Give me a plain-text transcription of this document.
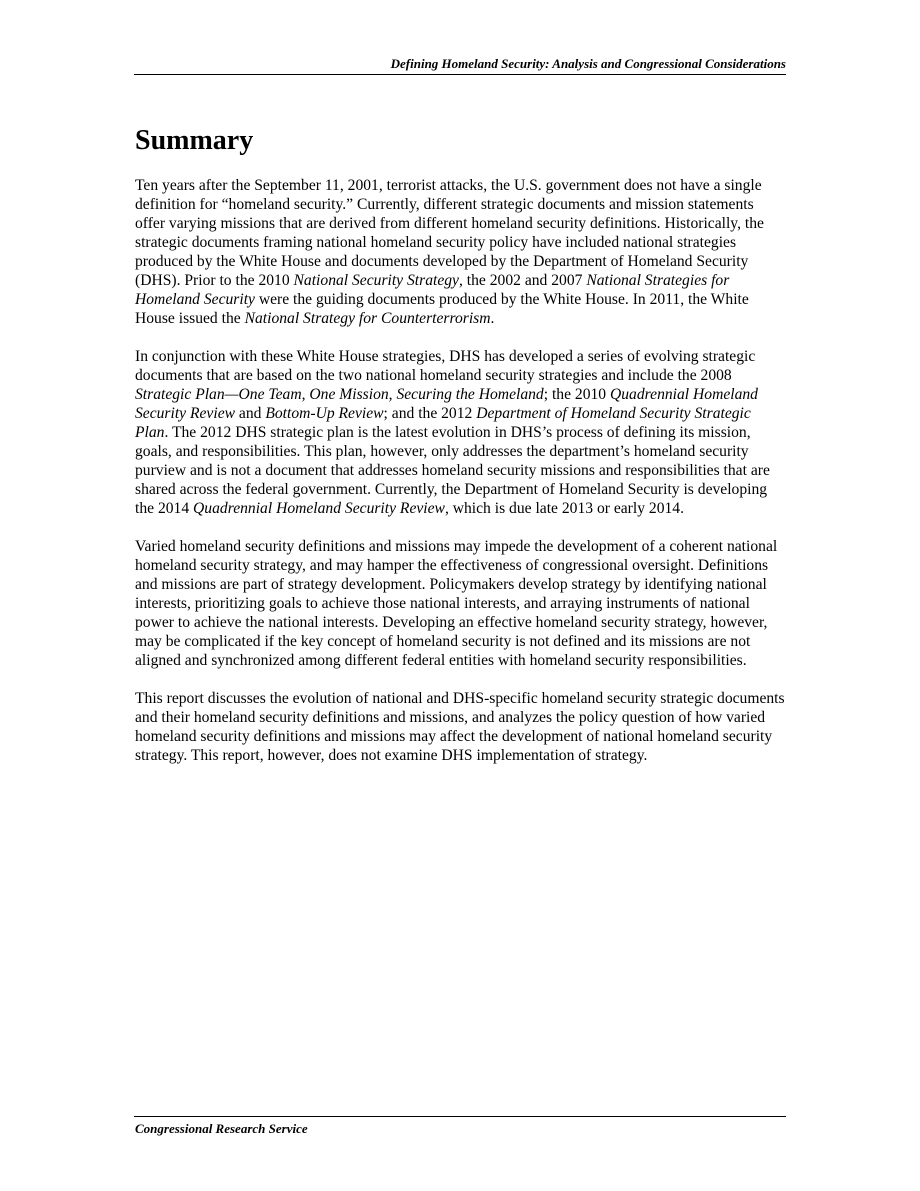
Defining Homeland Security: Analysis and Congressional Considerations
Summary

Ten years after the September 11, 2001, terrorist attacks, the U.S. government does not have a single definition for “homeland security.” Currently, different strategic documents and mission statements offer varying missions that are derived from different homeland security definitions. Historically, the strategic documents framing national homeland security policy have included national strategies produced by the White House and documents developed by the Department of Homeland Security (DHS). Prior to the 2010 National Security Strategy, the 2002 and 2007 National Strategies for Homeland Security were the guiding documents produced by the White House. In 2011, the White House issued the National Strategy for Counterterrorism.

In conjunction with these White House strategies, DHS has developed a series of evolving strategic documents that are based on the two national homeland security strategies and include the 2008 Strategic Plan—One Team, One Mission, Securing the Homeland; the 2010 Quadrennial Homeland Security Review and Bottom-Up Review; and the 2012 Department of Homeland Security Strategic Plan. The 2012 DHS strategic plan is the latest evolution in DHS’s process of defining its mission, goals, and responsibilities. This plan, however, only addresses the department’s homeland security purview and is not a document that addresses homeland security missions and responsibilities that are shared across the federal government. Currently, the Department of Homeland Security is developing the 2014 Quadrennial Homeland Security Review, which is due late 2013 or early 2014.

Varied homeland security definitions and missions may impede the development of a coherent national homeland security strategy, and may hamper the effectiveness of congressional oversight. Definitions and missions are part of strategy development. Policymakers develop strategy by identifying national interests, prioritizing goals to achieve those national interests, and arraying instruments of national power to achieve the national interests. Developing an effective homeland security strategy, however, may be complicated if the key concept of homeland security is not defined and its missions are not aligned and synchronized among different federal entities with homeland security responsibilities.

This report discusses the evolution of national and DHS-specific homeland security strategic documents and their homeland security definitions and missions, and analyzes the policy question of how varied homeland security definitions and missions may affect the development of national homeland security strategy. This report, however, does not examine DHS implementation of strategy.

Congressional Research Service
